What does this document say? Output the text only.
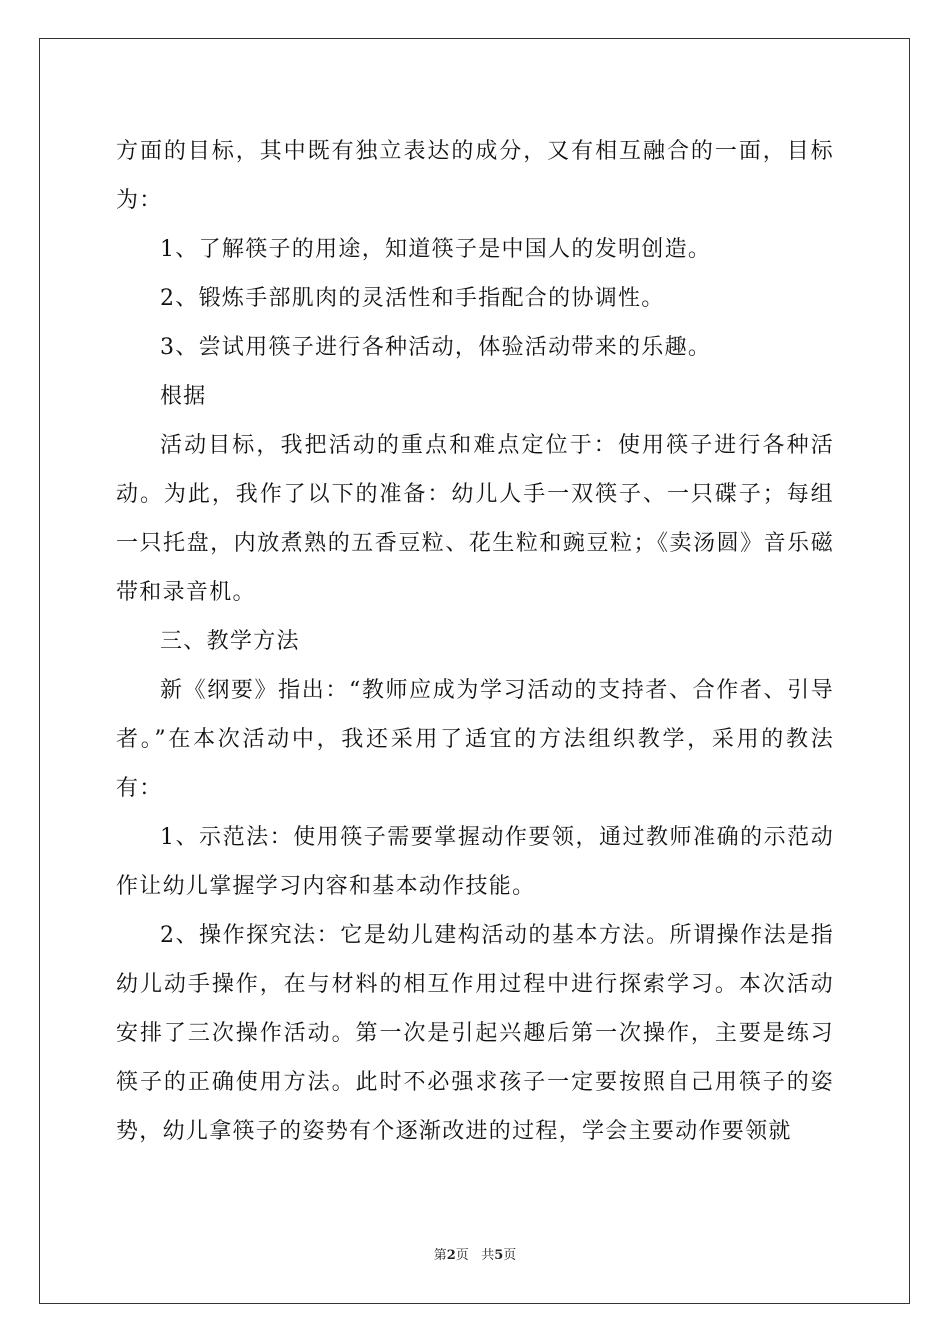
方面的目标，其中既有独立表达的成分，又有相互融合的一面，目标为：

1、了解筷子的用途，知道筷子是中国人的发明创造。

2、锻炼手部肌肉的灵活性和手指配合的协调性。

3、尝试用筷子进行各种活动，体验活动带来的乐趣。

根据

活动目标，我把活动的重点和难点定位于：使用筷子进行各种活动。为此，我作了以下的准备：幼儿人手一双筷子、一只碟子；每组一只托盘，内放煮熟的五香豆粒、花生粒和豌豆粒；《卖汤圆》音乐磁带和录音机。

三、教学方法

新《纲要》指出：“教师应成为学习活动的支持者、合作者、引导者。”在本次活动中，我还采用了适宜的方法组织教学，采用的教法有：

1、示范法：使用筷子需要掌握动作要领，通过教师准确的示范动作让幼儿掌握学习内容和基本动作技能。

2、操作探究法：它是幼儿建构活动的基本方法。所谓操作法是指幼儿动手操作，在与材料的相互作用过程中进行探索学习。本次活动安排了三次操作活动。第一次是引起兴趣后第一次操作，主要是练习筷子的正确使用方法。此时不必强求孩子一定要按照自己用筷子的姿势，幼儿拿筷子的姿势有个逐渐改进的过程，学会主要动作要领就

第2页   共5页
